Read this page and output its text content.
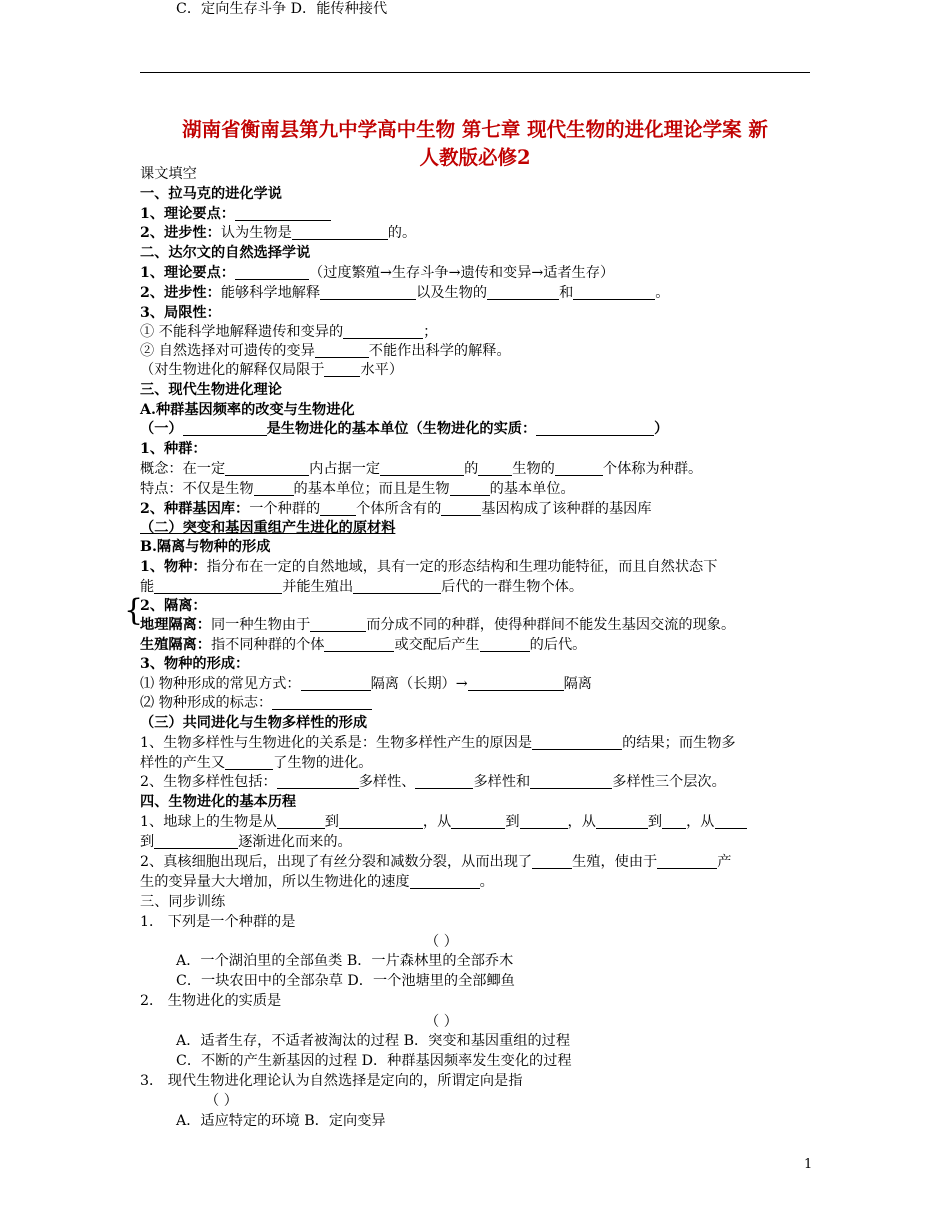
湖南省衡南县第九中学高中生物 第七章 现代生物的进化理论学案 新
人教版必修2
{
课文填空
一、拉马克的进化学说
1、理论要点：
2、进步性：认为生物是	的。
二、达尔文的自然选择学说
1、理论要点：	（过度繁殖→生存斗争→遗传和变异→适者生存）
2、进步性：能够科学地解释	以及生物的	和	。
3、局限性：
① 不能科学地解释遗传和变异的	；
② 自然选择对可遗传的变异	不能作出科学的解释。
（对生物进化的解释仅局限于	水平）
三、现代生物进化理论
A.种群基因频率的改变与生物进化
（一）	是生物进化的基本单位（生物进化的实质：	）
1、种群：
概念：在一定	内占据一定	的 生物的	个体称为种群。
特点：不仅是生物	的基本单位；而且是生物	的基本单位。
2、种群基因库：一个种群的	个体所含有的	基因构成了该种群的基因库
（二）突变和基因重组产生进化的原材料
B.隔离与物种的形成
1、物种：指分布在一定的自然地域，具有一定的形态结构和生理功能特征，而且自然状态下
能	并能生殖出	后代的一群生物个体。
2、隔离：
地理隔离：同一种生物由于	而分成不同的种群，使得种群间不能发生基因交流的现象。
生殖隔离：指不同种群的个体	或交配后产生	的后代。
3、物种的形成：
⑴ 物种形成的常见方式：	隔离（长期）→	隔离
⑵ 物种形成的标志：
（三）共同进化与生物多样性的形成
1、生物多样性与生物进化的关系是：生物多样性产生的原因是	的结果；而生物多
样性的产生又	了生物的进化。
2、生物多样性包括：	多样性、	多样性和	多样性三个层次。
四、生物进化的基本历程
1、地球上的生物是从	到	，从	到	，从	到 ，从
到	逐渐进化而来的。
2、真核细胞出现后，出现了有丝分裂和减数分裂，从而出现了	生殖，使由于	产
生的变异量大大增加，所以生物进化的速度	。
三、同步训练
1． 下列是一个种群的是
（ ）
A．一个湖泊里的全部鱼类 B．一片森林里的全部乔木
C．一块农田中的全部杂草 D．一个池塘里的全部鲫鱼
2． 生物进化的实质是
（ ）
A．适者生存，不适者被淘汰的过程 B．突变和基因重组的过程
C．不断的产生新基因的过程 D．种群基因频率发生变化的过程
3． 现代生物进化理论认为自然选择是定向的，所谓定向是指
（ ）
A．适应特定的环境 B．定向变异
C．定向生存斗争 D．能传种接代
1
